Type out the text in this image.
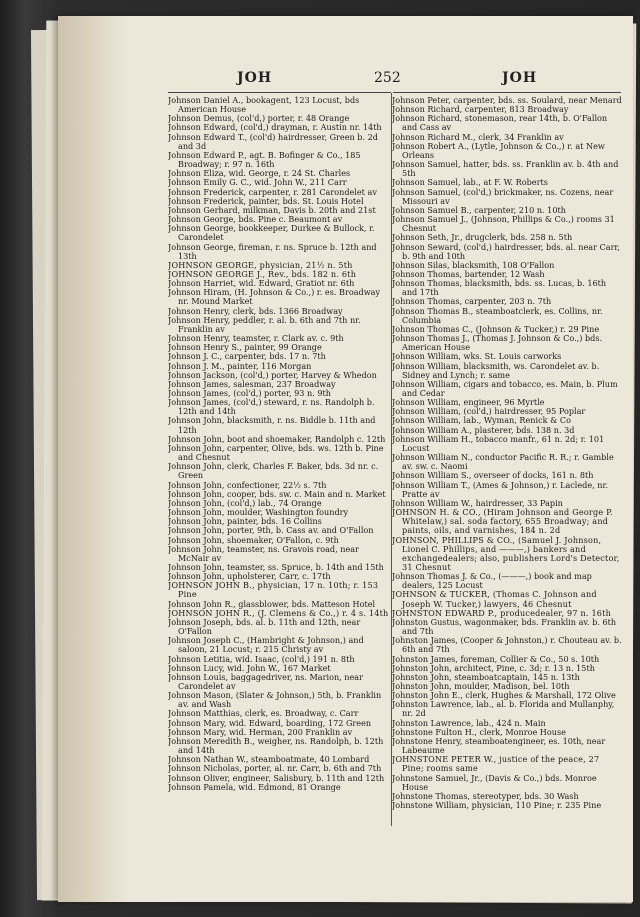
JOH	252	JOH
Johnson Daniel A., bookagent, 123 Locust, bds American House
Johnson Demus, (col'd,) porter, r. 48 Orange
Johnson Edward, (col'd,) drayman, r. Austin nr. 14th
Johnson Edward T., (col'd) hairdresser, Green b. 2d and 3d
Johnson Edward P., agt. B. Bofinger & Co., 185 Broadway; r. 97 n. 16th
Johnson Eliza, wid. George, r. 24 St. Charles
Johnson Emily G. C., wid. John W., 211 Carr
Johnson Frederick, carpenter, r. 281 Carondelet av
Johnson Frederick, painter, bds. St. Louis Hotel
Johnson Gerhard, milkman, Davis b. 20th and 21st
Johnson George, bds. Pine c. Beaumont av
Johnson George, bookkeeper, Durkee & Bullock, r. Carondelet
Johnson George, fireman, r. ns. Spruce b. 12th and 13th
JOHNSON GEORGE, physician, 21½ n. 5th
JOHNSON GEORGE J., Rev., bds. 182 n. 6th
Johnson Harriet, wid. Edward, Gratiot nr. 6th
Johnson Hiram, (H. Johnson & Co.,) r. es. Broadway nr. Mound Market
Johnson Henry, clerk, bds. 1366 Broadway
Johnson Henry, peddler, r. al. b. 6th and 7th nr. Franklin av
Johnson Henry, teamster, r. Clark av. c. 9th
Johnson Henry S., painter, 99 Orange
Johnson J. C., carpenter, bds. 17 n. 7th
Johnson J. M., painter, 116 Morgan
Johnson Jackson, (col'd,) porter, Harvey & Whedon
Johnson James, salesman, 237 Broadway
Johnson James, (col'd,) porter, 93 n. 9th
Johnson James, (col'd,) steward, r. ns. Randolph b. 12th and 14th
Johnson John, blacksmith, r. ns. Biddle b. 11th and 12th
Johnson John, boot and shoemaker, Randolph c. 12th
Johnson John, carpenter, Olive, bds. ws. 12th b. Pine and Chesnut
Johnson John, clerk, Charles F. Baker, bds. 3d nr. c. Green
Johnson John, confectioner, 22½ s. 7th
Johnson John, cooper, bds. sw. c. Main and n. Market
Johnson John, (col'd,) lab., 74 Orange
Johnson John, moulder, Washington foundry
Johnson John, painter, bds. 16 Collins
Johnson John, porter, 9th, b. Cass av. and O'Fallon
Johnson John, shoemaker, O'Fallon, c. 9th
Johnson John, teamster, ns. Gravois road, near McNair av
Johnson John, teamster, ss. Spruce, b. 14th and 15th
Johnson John, upholsterer, Carr, c. 17th
JOHNSON JOHN B., physician, 17 n. 10th; r. 153 Pine
Johnson John R., glassblower, bds. Matteson Hotel
JOHNSON JOHN R., (J. Clemens & Co.,) r. 4 s. 14th
Johnson Joseph, bds. al. b. 11th and 12th, near O'Fallon
Johnson Joseph C., (Hambright & Johnson,) and saloon, 21 Locust; r. 215 Christy av
Johnson Letitia, wid. Isaac, (col'd,) 191 n. 8th
Johnson Lucy, wid. John W., 167 Market
Johnson Louis, baggagedriver, ns. Marion, near Carondelet av
Johnson Mason, (Slater & Johnson,) 5th, b. Franklin av. and Wash
Johnson Matthias, clerk, es. Broadway, c. Carr
Johnson Mary, wid. Edward, boarding, 172 Green
Johnson Mary, wid. Herman, 200 Franklin av
Johnson Meredith B., weigher, ns. Randolph, b. 12th and 14th
Johnson Nathan W., steamboatmate, 40 Lombard
Johnson Nicholas, porter, al. nr. Carr, b. 6th and 7th
Johnson Oliver, engineer, Salisbury, b. 11th and 12th
Johnson Pamela, wid. Edmond, 81 Orange
Johnson Peter, carpenter, bds. ss. Soulard, near Menard
Johnson Richard, carpenter, 813 Broadway
Johnson Richard, stonemason, rear 14th, b. O'Fallon and Cass av
Johnson Richard M., clerk, 34 Franklin av
Johnson Robert A., (Lytle, Johnson & Co.,) r. at New Orleans
Johnson Samuel, hatter, bds. ss. Franklin av. b. 4th and 5th
Johnson Samuel, lab., at F. W. Roberts
Johnson Samuel, (col'd,) brickmaker, ns. Cozens, near Missouri av
Johnson Samuel B., carpenter, 210 n. 10th
Johnson Samuel J., (Johnson, Phillips & Co.,) rooms 31 Chesnut
Johnson Seth, Jr., drugclerk, bds. 258 n. 5th
Johnson Seward, (col'd,) hairdresser, bds. al. near Carr, b. 9th and 10th
Johnson Silas, blacksmith, 108 O'Fallon
Johnson Thomas, bartender, 12 Wash
Johnson Thomas, blacksmith, bds. ss. Lucas, b. 16th and 17th
Johnson Thomas, carpenter, 203 n. 7th
Johnson Thomas B., steamboatclerk, es. Collins, nr. Columbia
Johnson Thomas C., (Johnson & Tucker,) r. 29 Pine
Johnson Thomas J., (Thomas J. Johnson & Co.,) bds. American House
Johnson William, wks. St. Louis carworks
Johnson William, blacksmith, ws. Carondelet av. b. Sidney and Lynch; r. same
Johnson William, cigars and tobacco, es. Main, b. Plum and Cedar
Johnson William, engineer, 96 Myrtle
Johnson William, (col'd,) hairdresser, 95 Poplar
Johnson William, lab., Wyman, Renick & Co
Johnson William A., plasterer, bds. 138 n. 3d
Johnson William H., tobacco manfr., 61 n. 2d; r. 101 Locust
Johnson William N., conductor Pacific R. R.; r. Gamble av. sw. c. Naomi
Johnson William S., overseer of docks, 161 n. 8th
Johnson William T., (Ames & Johnson,) r. Laclede, nr. Pratte av
Johnson William W., hairdresser, 33 Papin
JOHNSON H. & CO., (Hiram Johnson and George P. Whitelaw,) sal. soda factory, 655 Broadway; and paints, oils, and varnishes, 184 n. 2d
JOHNSON, PHILLIPS & CO., (Samuel J. Johnson, Lionel C. Phillips, and ———,) bankers and exchangedealers; also, publishers Lord's Detector, 31 Chesnut
Johnson Thomas J. & Co., (———,) book and map dealers, 125 Locust
JOHNSON & TUCKER, (Thomas C. Johnson and Joseph W. Tucker,) lawyers, 46 Chesnut
JOHNSTON EDWARD P., producedealer, 97 n. 16th
Johnston Gustus, wagonmaker, bds. Franklin av. b. 6th and 7th
Johnston James, (Cooper & Johnston,) r. Chouteau av. b. 6th and 7th
Johnston James, foreman, Collier & Co., 50 s. 10th
Johnston John, architect, Pine, c. 3d; r. 13 n. 15th
Johnston John, steamboatcaptain, 145 n. 13th
Johnston John, moulder, Madison, bel. 10th
Johnston John E., clerk, Hughes & Marshall, 172 Olive
Johnston Lawrence, lab., al. b. Florida and Mullanphy, nr. 2d
Johnston Lawrence, lab., 424 n. Main
Johnstone Fulton H., clerk, Monroe House
Johnstone Henry, steamboatengineer, es. 10th, near Labeaume
JOHNSTONE PETER W., justice of the peace, 27 Pine; rooms same
Johnstone Samuel, Jr., (Davis & Co.,) bds. Monroe House
Johnstone Thomas, stereotyper, bds. 30 Wash
Johnstone William, physician, 110 Pine; r. 235 Pine
